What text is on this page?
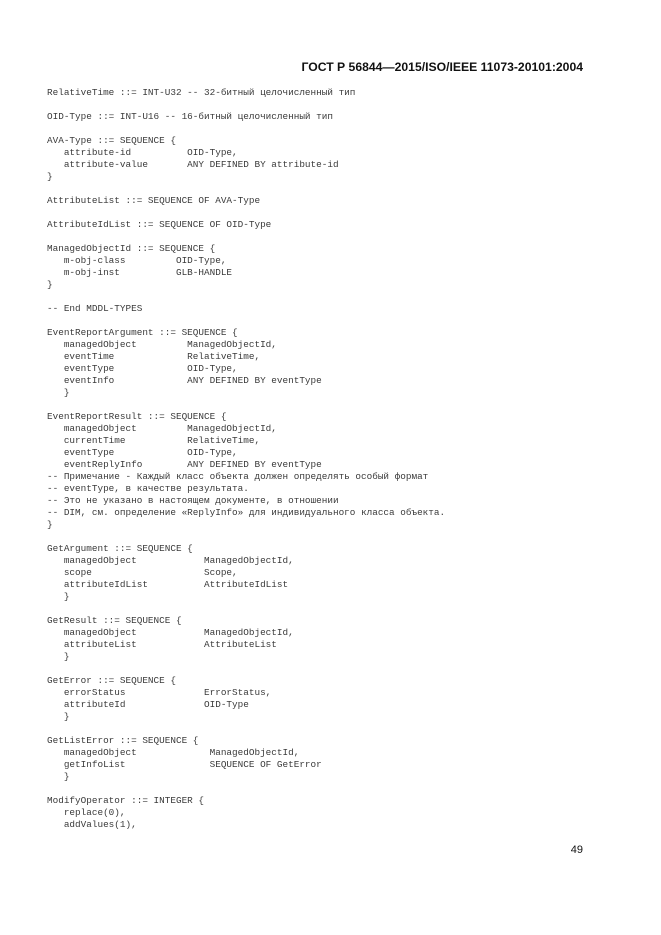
ГОСТ Р 56844—2015/ISO/IEEE 11073-20101:2004
RelativeTime ::= INT-U32 -- 32-битный целочисленный тип
OID-Type ::= INT-U16 -- 16-битный целочисленный тип
AVA-Type ::= SEQUENCE {
attribute-id          OID-Type,
attribute-value       ANY DEFINED BY attribute-id
}
AttributeList ::= SEQUENCE OF AVA-Type
AttributeIdList ::= SEQUENCE OF OID-Type
ManagedObjectId ::= SEQUENCE {
m-obj-class         OID-Type,
m-obj-inst          GLB-HANDLE
}
-- End MDDL-TYPES
EventReportArgument ::= SEQUENCE {
managedObject         ManagedObjectId,
eventTime             RelativeTime,
eventType             OID-Type,
eventInfo             ANY DEFINED BY eventType
}
EventReportResult ::= SEQUENCE {
managedObject         ManagedObjectId,
currentTime           RelativeTime,
eventType             OID-Type,
eventReplyInfo        ANY DEFINED BY eventType
-- Примечание - Каждый класс объекта должен определять особый формат
-- eventType, в качестве результата.
-- Это не указано в настоящем документе, в отношении
-- DIM, см. определение «ReplyInfo» для индивидуального класса объекта.
}
GetArgument ::= SEQUENCE {
managedObject            ManagedObjectId,
scope                    Scope,
attributeIdList          AttributeIdList
}
GetResult ::= SEQUENCE {
managedObject            ManagedObjectId,
attributeList            AttributeList
}
GetError ::= SEQUENCE {
errorStatus              ErrorStatus,
attributeId              OID-Type
}
GetListError ::= SEQUENCE {
managedObject             ManagedObjectId,
getInfoList               SEQUENCE OF GetError
}
ModifyOperator ::= INTEGER {
replace(0),
addValues(1),
49
